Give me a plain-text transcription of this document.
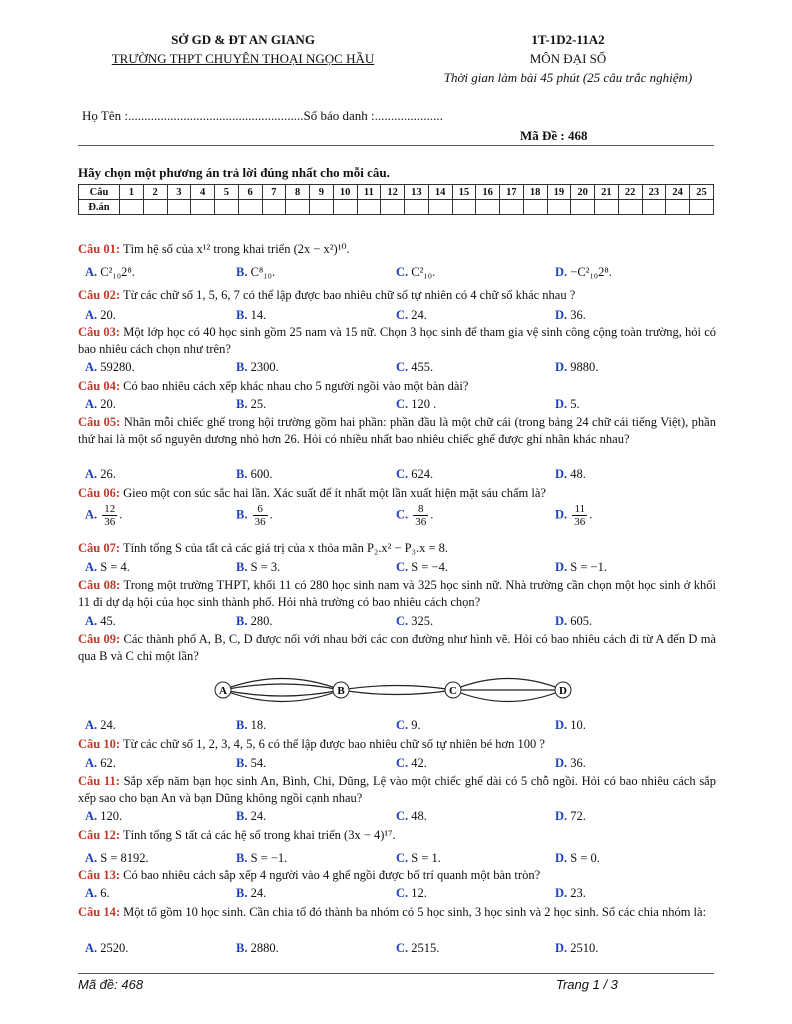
SỞ GD & ĐT AN GIANG
TRƯỜNG THPT CHUYÊN THOẠI NGỌC HẦU
1T-1D2-11A2
MÔN ĐẠI SỐ
Thời gian làm bài 45 phút (25 câu trắc nghiệm)
Họ Tên :......................................................Số báo danh :.....................
Mã Đề : 468
Hãy chọn một phương án trả lời đúng nhất cho mỗi câu.
Câu	1	2	3	4	5	6	7	8	9	10	11	12	13	14	15	16	17	18	19	20	21	22	23	24	25
Đ.án																									
Câu 01: Tìm hệ số của x¹² trong khai triển (2x − x²)¹⁰.
A. C²₁₀2⁸.	B. C⁸₁₀.	C. C²₁₀.	D. −C²₁₀2⁸.
Câu 02: Từ các chữ số 1, 5, 6, 7 có thể lập được bao nhiêu chữ số tự nhiên có 4 chữ số khác nhau ?
A. 20.	B. 14.	C. 24.	D. 36.
Câu 03: Một lớp học có 40 học sinh gồm 25 nam và 15 nữ. Chọn 3 học sinh để tham gia vệ sinh công cộng toàn trường, hỏi có bao nhiêu cách chọn như trên?
A. 59280.	B. 2300.	C. 455.	D. 9880.
Câu 04: Có bao nhiêu cách xếp khác nhau cho 5 người ngồi vào một bàn dài?
A. 20.	B. 25.	C. 120 .	D. 5.
Câu 05: Nhãn mỗi chiếc ghế trong hội trường gồm hai phần: phần đầu là một chữ cái (trong bảng 24 chữ cái tiếng Việt), phần thứ hai là một số nguyên dương nhỏ hơn 26. Hỏi có nhiều nhất bao nhiêu chiếc ghế được ghi nhãn khác nhau?
A. 26.	B. 600.	C. 624.	D. 48.
Câu 06: Gieo một con súc sắc hai lần. Xác suất để ít nhất một lần xuất hiện mặt sáu chấm là?
A. $\frac{12}{36}$ .	B. $\frac{6}{36}$ .	C. $\frac{8}{36}$ .	D. $\frac{11}{36}$ .
Câu 07: Tính tổng S của tất cả các giá trị của x thỏa mãn P₂.x² − P₃.x = 8.
A. S = 4.	B. S = 3.	C. S = −4.	D. S = −1.
Câu 08: Trong một trường THPT, khối 11 có 280 học sinh nam và 325 học sinh nữ. Nhà trường cần chọn một học sinh ở khối 11 đi dự dạ hội của học sinh thành phố. Hỏi nhà trường có bao nhiêu cách chọn?
A. 45.	B. 280.	C. 325.	D. 605.
Câu 09: Các thành phố A, B, C, D được nối với nhau bởi các con đường như hình vẽ. Hỏi có bao nhiêu cách đi từ A đến D mà qua B và C chỉ một lần?
A. 24.	B. 18.	C. 9.	D. 10.
Câu 10: Từ các chữ số 1, 2, 3, 4, 5, 6 có thể lập được bao nhiêu chữ số tự nhiên bé hơn 100 ?
A. 62.	B. 54.	C. 42.	D. 36.
Câu 11: Sắp xếp năm bạn học sinh An, Bình, Chi, Dũng, Lệ vào một chiếc ghế dài có 5 chỗ ngồi. Hỏi có bao nhiêu cách sắp xếp sao cho bạn An và bạn Dũng không ngồi cạnh nhau?
A. 120.	B. 24.	C. 48.	D. 72.
Câu 12: Tính tổng S tất cả các hệ số trong khai triển (3x − 4)¹⁷.
A. S = 8192.	B. S = −1.	C. S = 1.	D. S = 0.
Câu 13: Có bao nhiêu cách sắp xếp 4 người vào 4 ghế ngồi được bố trí quanh một bàn tròn?
A. 6.	B. 24.	C. 12.	D. 23.
Câu 14: Một tổ gồm 10 học sinh. Cần chia tổ đó thành ba nhóm có 5 học sinh, 3 học sinh và 2 học sinh. Số các chia nhóm là:
A. 2520.	B. 2880.	C. 2515.	D. 2510.
A	B	C	D
Mã đề: 468	Trang 1 / 3
